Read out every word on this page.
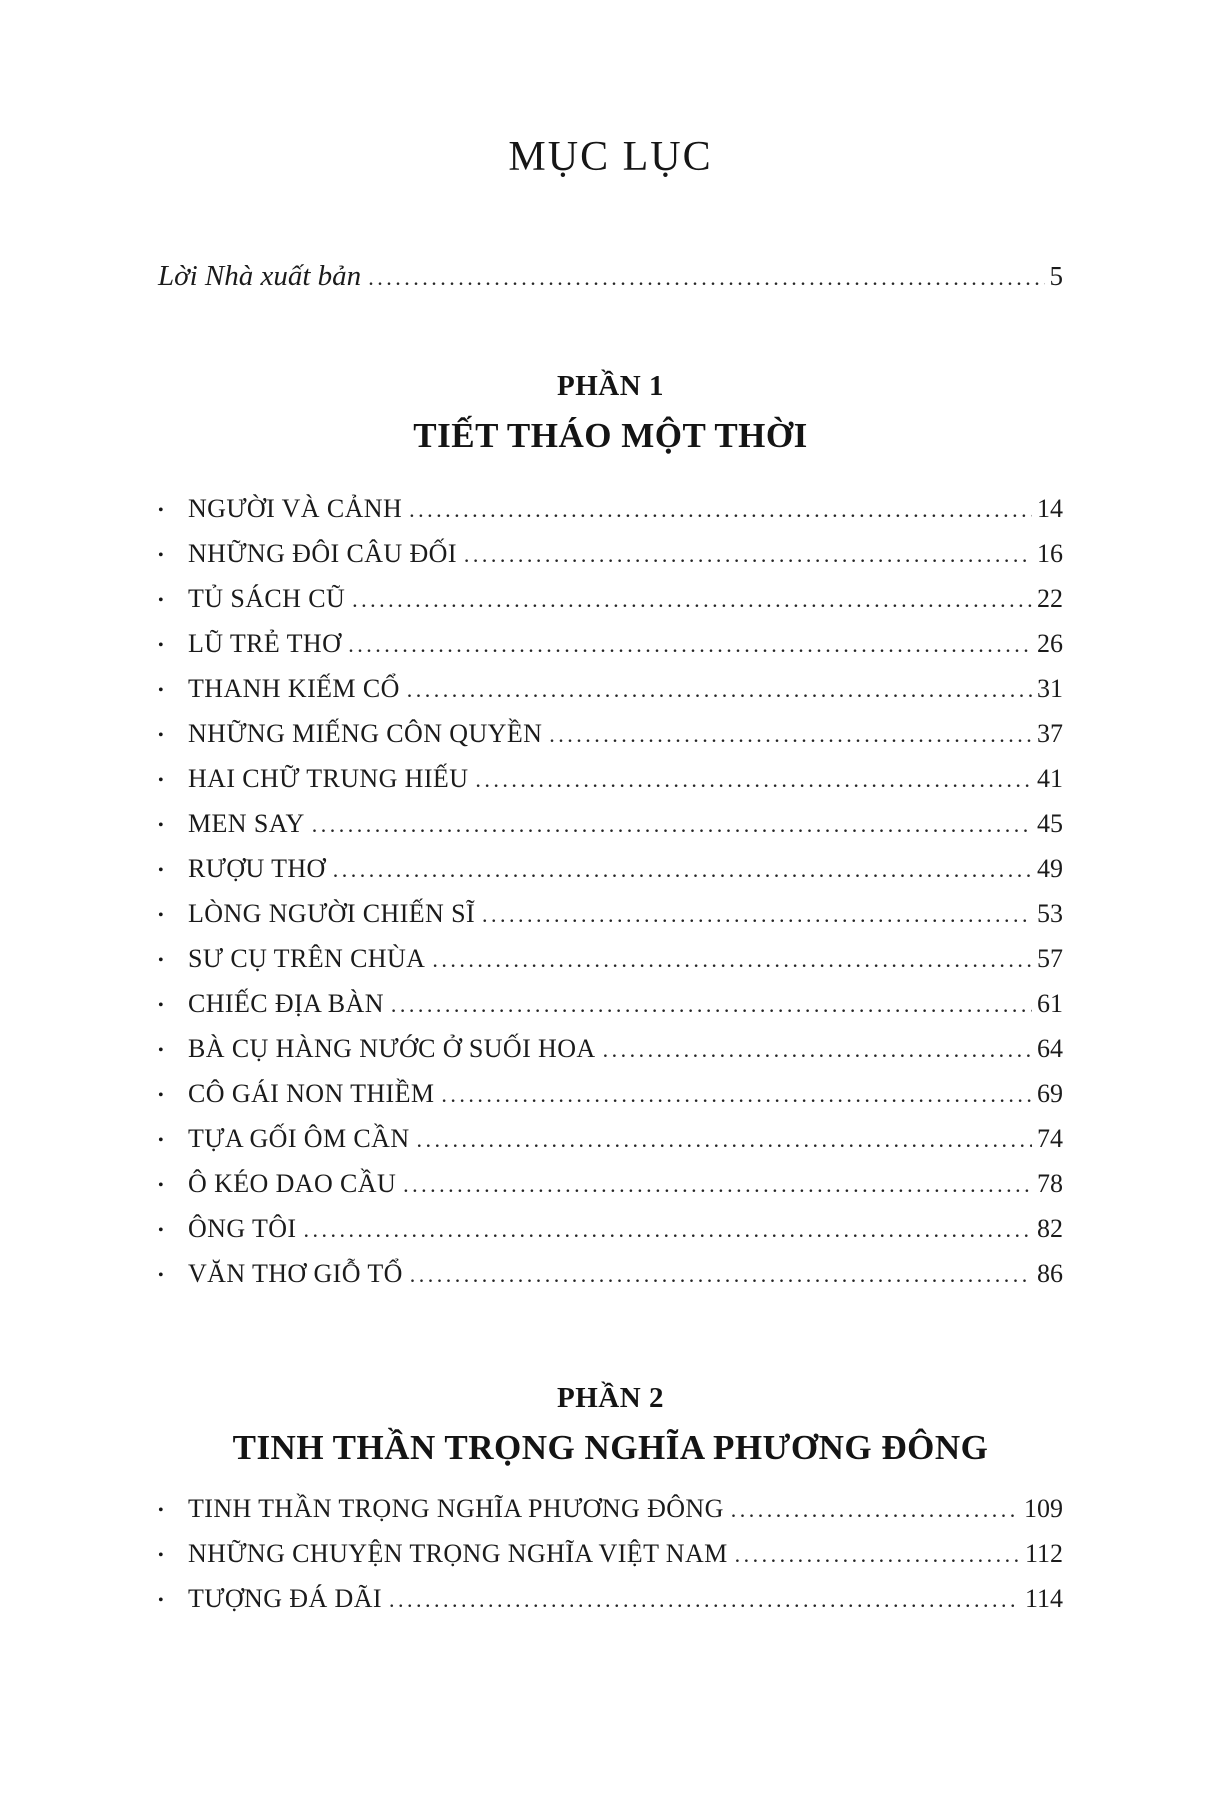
MỤC LỤC
Lời Nhà xuất bản .....	5
PHẦN 1
TIẾT THÁO MỘT THỜI
• NGƯỜI VÀ CẢNH .....	14
• NHỮNG ĐÔI CÂU ĐỐI .....	16
• TỦ SÁCH CŨ .....	22
• LŨ TRẺ THƠ .....	26
• THANH KIẾM CỔ .....	31
• NHỮNG MIẾNG CÔN QUYỀN .....	37
• HAI CHỮ TRUNG HIẾU .....	41
• MEN SAY .....	45
• RƯỢU THƠ .....	49
• LÒNG NGƯỜI CHIẾN SĨ .....	53
• SƯ CỤ TRÊN CHÙA .....	57
• CHIẾC ĐỊA BÀN .....	61
• BÀ CỤ HÀNG NƯỚC Ở SUỐI HOA .....	64
• CÔ GÁI NON THIỀM .....	69
• TỰA GỐI ÔM CẦN .....	74
• Ô KÉO DAO CẦU .....	78
• ÔNG TÔI .....	82
• VĂN THƠ GIỖ TỔ .....	86
PHẦN 2
TINH THẦN TRỌNG NGHĨA PHƯƠNG ĐÔNG
• TINH THẦN TRỌNG NGHĨA PHƯƠNG ĐÔNG .....	109
• NHỮNG CHUYỆN TRỌNG NGHĨA VIỆT NAM .....	112
• TƯỢNG ĐÁ DÃI .....	114
